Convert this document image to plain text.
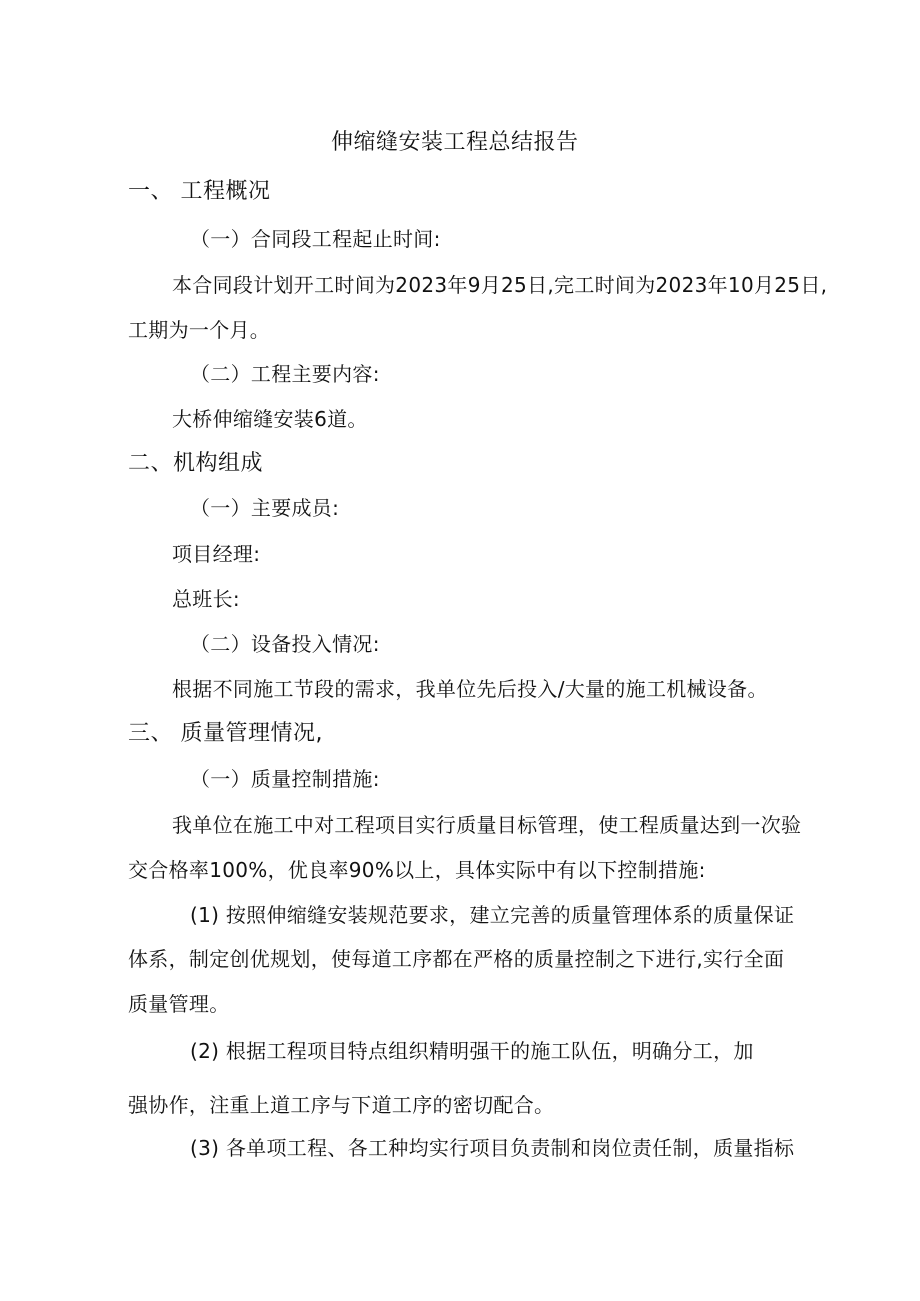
伸缩缝安装工程总结报告
一、 工程概况
（一）合同段工程起止时间:
本合同段计划开工时间为2023年9月25日,完工时间为2023年10月25日,
工期为一个月。
（二）工程主要内容:
大桥伸缩缝安装6道。
二、机构组成
（一）主要成员:
项目经理:
总班长:
（二）设备投入情况:
根据不同施工节段的需求，我单位先后投入/大量的施工机械设备。
三、 质量管理情况,
（一）质量控制措施:
我单位在施工中对工程项目实行质量目标管理，使工程质量达到一次验
交合格率100%，优良率90%以上，具体实际中有以下控制措施:
(1) 按照伸缩缝安装规范要求，建立完善的质量管理体系的质量保证
体系，制定创优规划，使每道工序都在严格的质量控制之下进行,实行全面
质量管理。
(2) 根据工程项目特点组织精明强干的施工队伍，明确分工，加
强协作，注重上道工序与下道工序的密切配合。
(3) 各单项工程、各工种均实行项目负责制和岗位责任制，质量指标
